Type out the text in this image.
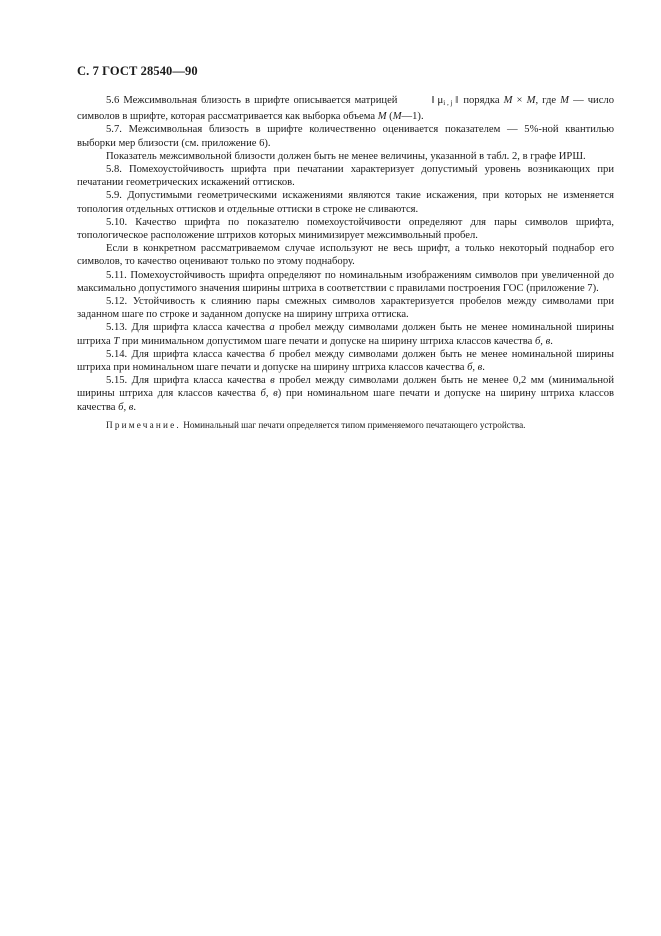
С. 7 ГОСТ 28540—90

5.6 Межсимвольная близость в шрифте описывается матрицей	‖ $\mu_{i , j}$ ‖ порядка M × M, где M — число символов в шрифте, которая рассматривается как выборка объема M (M—1).

5.7. Межсимвольная близость в шрифте количественно оценивается показателем — 5%-ной квантилью выборки мер близости (см. приложение 6).

Показатель межсимвольной близости должен быть не менее величины, указанной в табл. 2, в графе ИРШ.

5.8. Помехоустойчивость шрифта при печатании характеризует допустимый уровень возникающих при печатании геометрических искажений оттисков.

5.9. Допустимыми геометрическими искажениями являются такие искажения, при которых не изменяется топология отдельных оттисков и отдельные оттиски в строке не сливаются.

5.10. Качество шрифта по показателю помехоустойчивости определяют для пары символов шрифта, топологическое расположение штрихов которых минимизирует межсимвольный пробел.

Если в конкретном рассматриваемом случае используют не весь шрифт, а только некоторый поднабор его символов, то качество оценивают только по этому поднабору.

5.11. Помехоустойчивость шрифта определяют по номинальным изображениям символов при увеличенной до максимально допустимого значения ширины штриха в соответствии с правилами построения ГОС (приложение 7).

5.12. Устойчивость к слиянию пары смежных символов характеризуется пробелов между символами при заданном шаге по строке и заданном допуске на ширину штриха оттиска.

5.13. Для шрифта класса качества а пробел между символами должен быть не менее номинальной ширины штриха T при минимальном допустимом шаге печати и допуске на ширину штриха классов качества б, в.

5.14. Для шрифта класса качества б пробел между символами должен быть не менее номинальной ширины штриха при номинальном шаге печати и допуске на ширину штриха классов качества б, в.

5.15. Для шрифта класса качества в пробел между символами должен быть не менее 0,2 мм (минимальной ширины штриха для классов качества б, в) при номинальном шаге печати и допуске на ширину штриха классов качества б, в.

Примечание. Номинальный шаг печати определяется типом применяемого печатающего устройства.
